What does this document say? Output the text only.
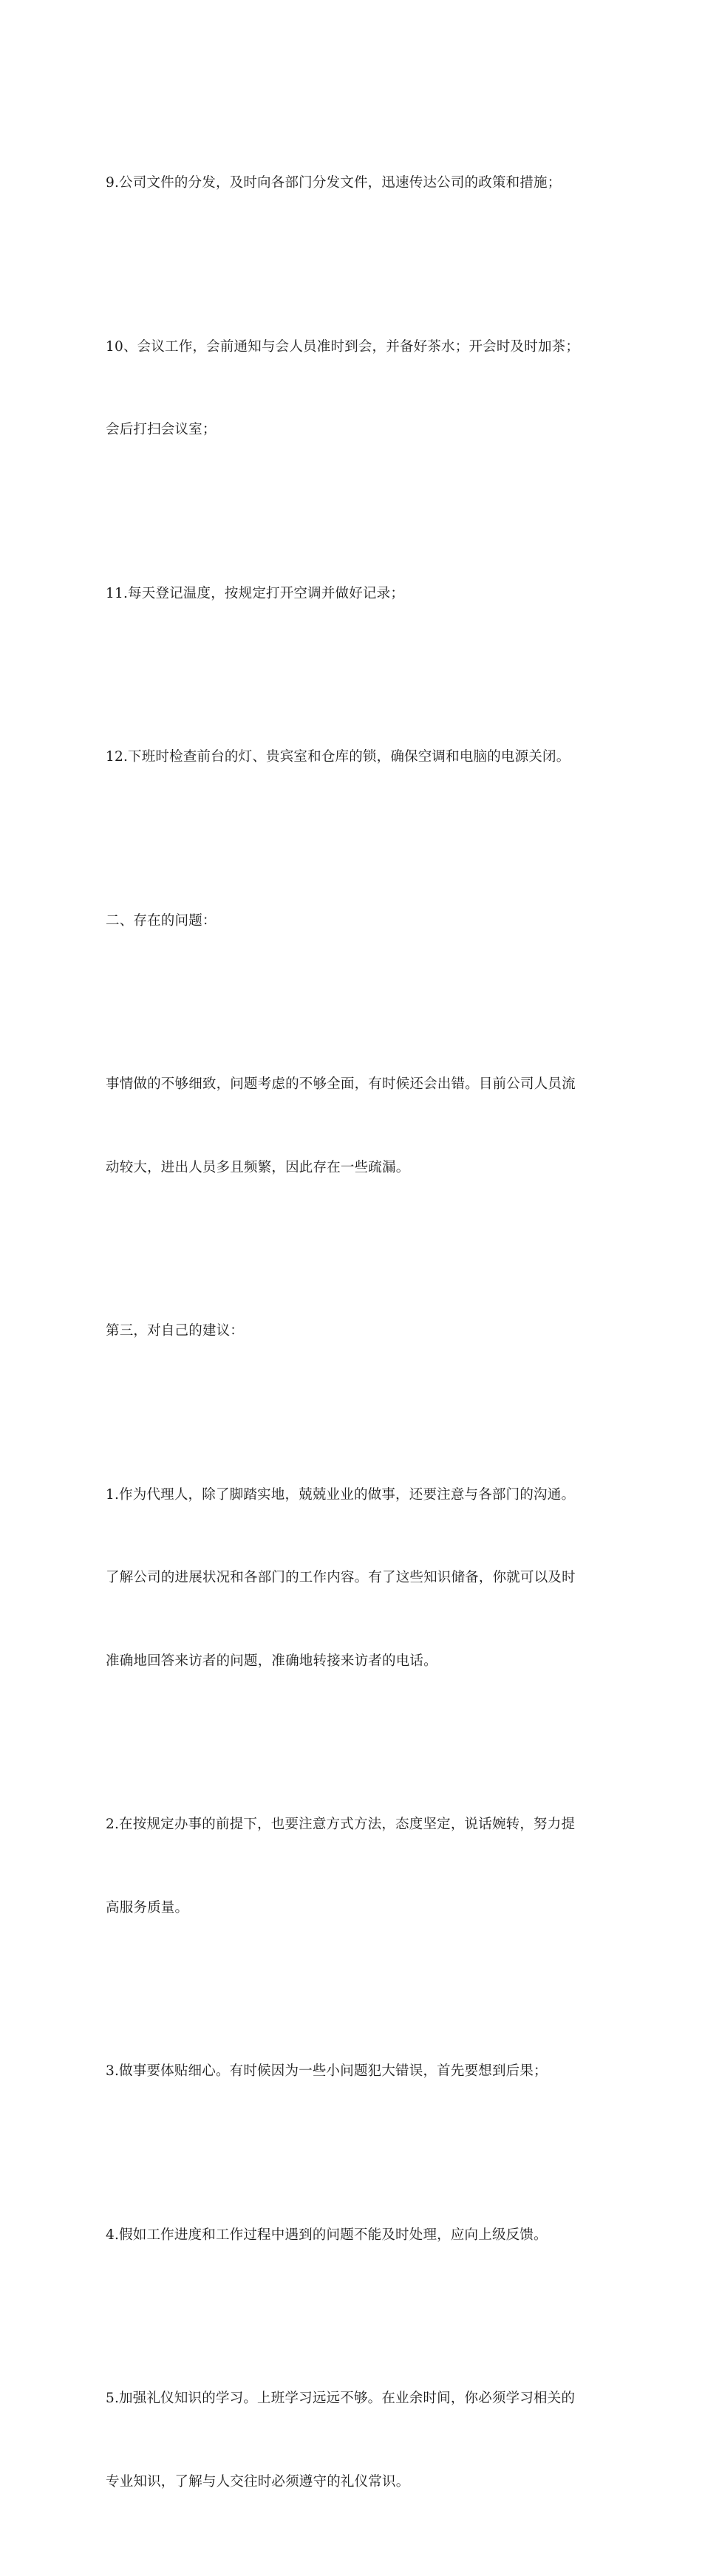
9.公司文件的分发，及时向各部门分发文件，迅速传达公司的政策和措施；

10、会议工作，会前通知与会人员准时到会，并备好茶水；开会时及时加茶；

会后打扫会议室；

11.每天登记温度，按规定打开空调并做好记录；

12.下班时检查前台的灯、贵宾室和仓库的锁，确保空调和电脑的电源关闭。

二、存在的问题：

事情做的不够细致，问题考虑的不够全面，有时候还会出错。目前公司人员流

动较大，进出人员多且频繁，因此存在一些疏漏。

第三，对自己的建议：

1.作为代理人，除了脚踏实地，兢兢业业的做事，还要注意与各部门的沟通。

了解公司的进展状况和各部门的工作内容。有了这些知识储备，你就可以及时

准确地回答来访者的问题，准确地转接来访者的电话。

2.在按规定办事的前提下，也要注意方式方法，态度坚定，说话婉转，努力提

高服务质量。

3.做事要体贴细心。有时候因为一些小问题犯大错误，首先要想到后果；

4.假如工作进度和工作过程中遇到的问题不能及时处理，应向上级反馈。

5.加强礼仪知识的学习。上班学习远远不够。在业余时间，你必须学习相关的

专业知识，了解与人交往时必须遵守的礼仪常识。
